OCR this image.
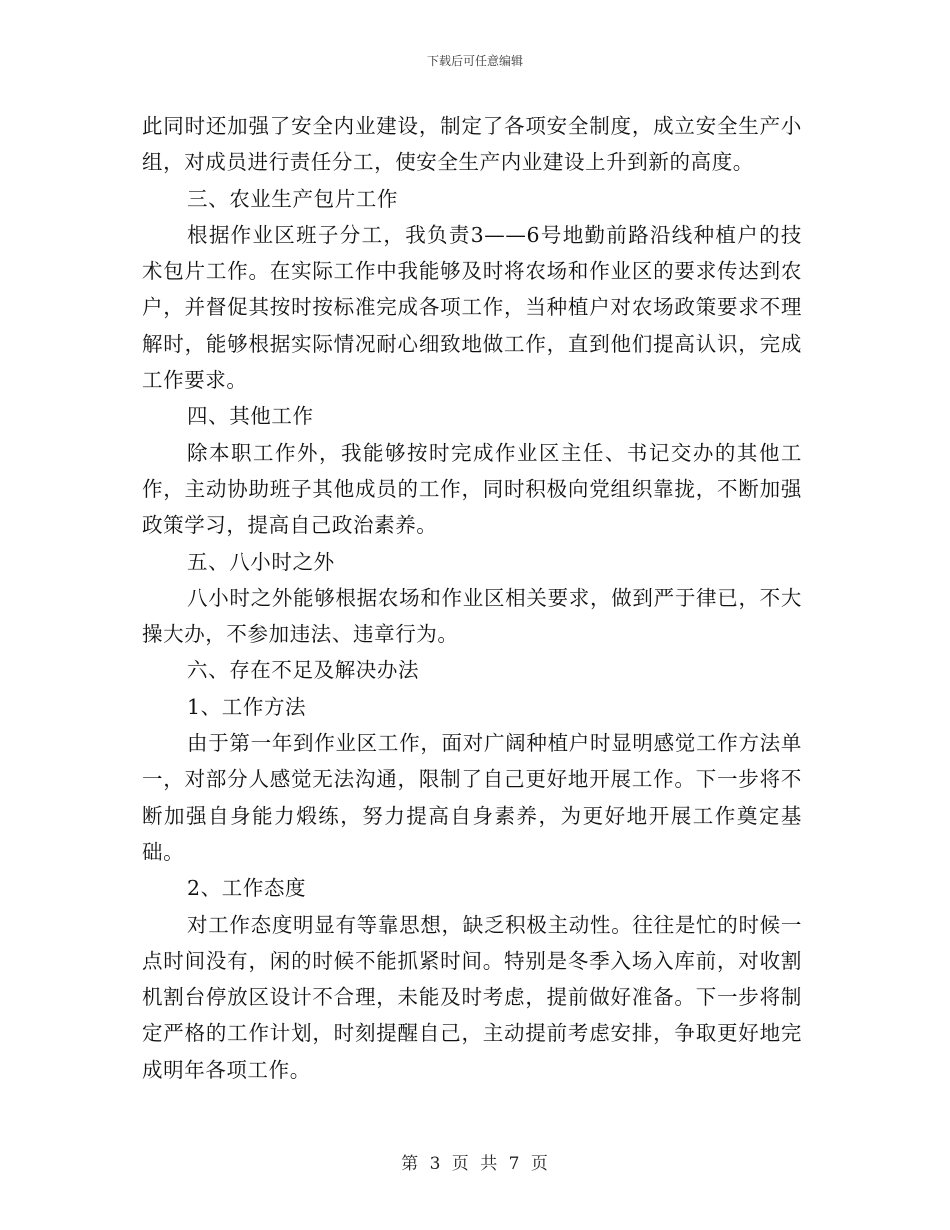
下载后可任意编辑

此同时还加强了安全内业建设，制定了各项安全制度，成立安全生产小组，对成员进行责任分工，使安全生产内业建设上升到新的高度。

三、农业生产包片工作

根据作业区班子分工，我负责3——6号地勤前路沿线种植户的技术包片工作。在实际工作中我能够及时将农场和作业区的要求传达到农户，并督促其按时按标准完成各项工作，当种植户对农场政策要求不理解时，能够根据实际情况耐心细致地做工作，直到他们提高认识，完成工作要求。

四、其他工作

除本职工作外，我能够按时完成作业区主任、书记交办的其他工作，主动协助班子其他成员的工作，同时积极向党组织靠拢，不断加强政策学习，提高自己政治素养。

五、八小时之外

八小时之外能够根据农场和作业区相关要求，做到严于律已，不大操大办，不参加违法、违章行为。

六、存在不足及解决办法

1、工作方法

由于第一年到作业区工作，面对广阔种植户时显明感觉工作方法单一，对部分人感觉无法沟通，限制了自己更好地开展工作。下一步将不断加强自身能力煅练，努力提高自身素养，为更好地开展工作奠定基础。

2、工作态度

对工作态度明显有等靠思想，缺乏积极主动性。往往是忙的时候一点时间没有，闲的时候不能抓紧时间。特别是冬季入场入库前，对收割机割台停放区设计不合理，未能及时考虑，提前做好准备。下一步将制定严格的工作计划，时刻提醒自己，主动提前考虑安排，争取更好地完成明年各项工作。

第 3 页 共 7 页
